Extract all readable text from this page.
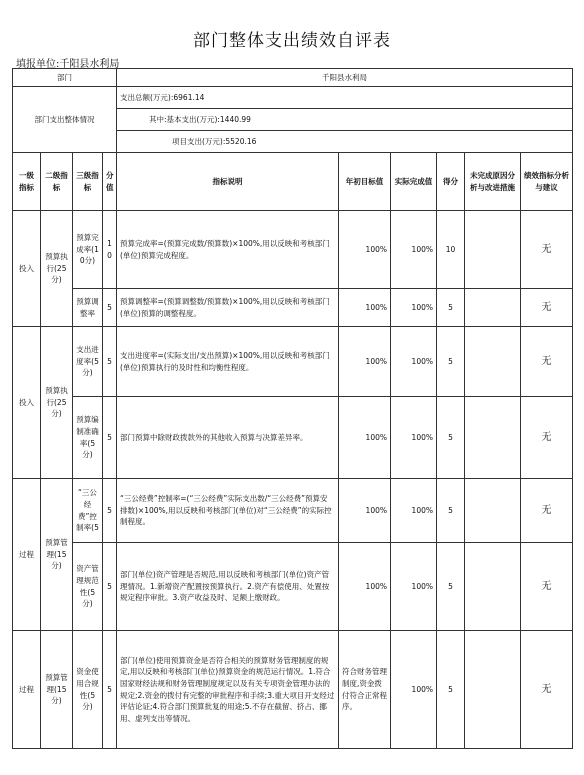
部门整体支出绩效自评表
填报单位:千阳县水利局
部门				千阳县水利局					
部门支出整体情况				支出总额(万元):6961.14					
				其中:基本支出(万元):1440.99					
				项目支出(万元):5520.16					
一级指标	二级指标	三级指标	分值	指标说明	年初目标值	实际完成值	得分	未完成原因分析与改进措施	绩效指标分析与建议
投入	预算执行(25分)	预算完成率(10分)	10	预算完成率=(预算完成数/预算数)×100%,用以反映和考核部门(单位)预算完成程度。	100%	100%	10		无
		预算调整率	5	预算调整率=(预算调整数/预算数)×100%,用以反映和考核部门(单位)预算的调整程度。	100%	100%	5		无
投入	预算执行(25分)	支出进度率(5分)	5	支出进度率=(实际支出/支出预算)×100%,用以反映和考核部门(单位)预算执行的及时性和均衡性程度。	100%	100%	5		无
		预算编制准确率(5分)	5	部门预算中除财政拨款外的其他收入预算与决算差异率。	100%	100%	5		无
过程	预算管理(15分)	“三公经费”控制率(5	5	“三公经费”控制率=(“三公经费”实际支出数/“三公经费”预算安排数)×100%,用以反映和考核部门(单位)对“三公经费”的实际控制程度。	100%	100%	5		无
		资产管理规范性(5分)	5	部门(单位)资产管理是否规范,用以反映和考核部门(单位)资产管理情况。1.新增资产配置按预算执行。2.资产有偿使用、处置按规定程序审批。3.资产收益及时、足额上缴财政。	100%	100%	5		无
过程	预算管理(15分)	资金使用合规性(5分)	5	部门(单位)使用预算资金是否符合相关的预算财务管理制度的规定,用以反映和考核部门(单位)预算资金的规范运行情况。1.符合国家财经法规和财务管理制度规定以及有关专项资金管理办法的规定;2.资金的拨付有完整的审批程序和手续;3.重大项目开支经过评估论证;4.符合部门预算批复的用途;5.不存在截留、挤占、挪用、虚列支出等情况。	符合财务管理制度,资金拨付符合正常程序。	100%	5		无
